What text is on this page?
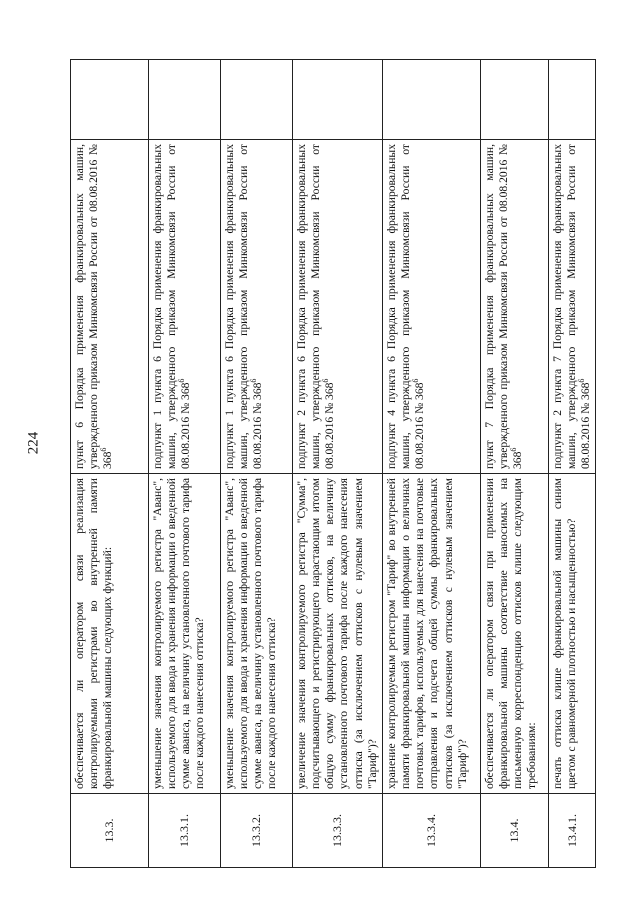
224
13.3.	обеспечивается ли оператором связи реализация контролируемыми регистрами во внутренней памяти франкировальной машины следующих функций:	пункт 6 Порядка применения франкировальных машин, утвержденного приказом Минкомсвязи России от 08.08.2016 № $368^6$	
13.3.1.	уменьшение значения контролируемого регистра "Аванс", используемого для ввода и хранения информации о введенной сумме аванса, на величину установленного почтового тарифа после каждого нанесения оттиска?	подпункт 1 пункта 6 Порядка применения франкировальных машин, утвержденного приказом Минкомсвязи России от 08.08.2016 № $368^6$	
13.3.2.	уменьшение значения контролируемого регистра "Аванс", используемого для ввода и хранения информации о введенной сумме аванса, на величину установленного почтового тарифа после каждого нанесения оттиска?	подпункт 1 пункта 6 Порядка применения франкировальных машин, утвержденного приказом Минкомсвязи России от 08.08.2016 № $368^6$	
13.3.3.	увеличение значения контролируемого регистра "Сумма", подсчитывающего и регистрирующего нарастающим итогом общую сумму франкировальных оттисков, на величину установленного почтового тарифа после каждого нанесения оттиска (за исключением оттисков с нулевым значением "Тариф")?	подпункт 2 пункта 6 Порядка применения франкировальных машин, утвержденного приказом Минкомсвязи России от 08.08.2016 № $368^6$	
13.3.4.	хранение контролируемым регистром "Тариф" во внутренней памяти франкировальной машины информации о величинах почтовых тарифов, используемых для нанесения на почтовые отправления и подсчета общей суммы франкировальных оттисков (за исключением оттисков с нулевым значением "Тариф")?	подпункт 4 пункта 6 Порядка применения франкировальных машин, утвержденного приказом Минкомсвязи России от 08.08.2016 № $368^6$	
13.4.	обеспечивается ли оператором связи при применении франкировальной машины соответствие наносимых на письменную корреспонденцию оттисков клише следующим требованиям:	пункт 7 Порядка применения франкировальных машин, утвержденного приказом Минкомсвязи России от 08.08.2016 № $368^6$	
13.4.1.	печать оттиска клише франкировальной машины синим цветом с равномерной плотностью и насыщенностью?	подпункт 2 пункта 7 Порядка применения франкировальных машин, утвержденного приказом Минкомсвязи России от 08.08.2016 № $368^6$	
